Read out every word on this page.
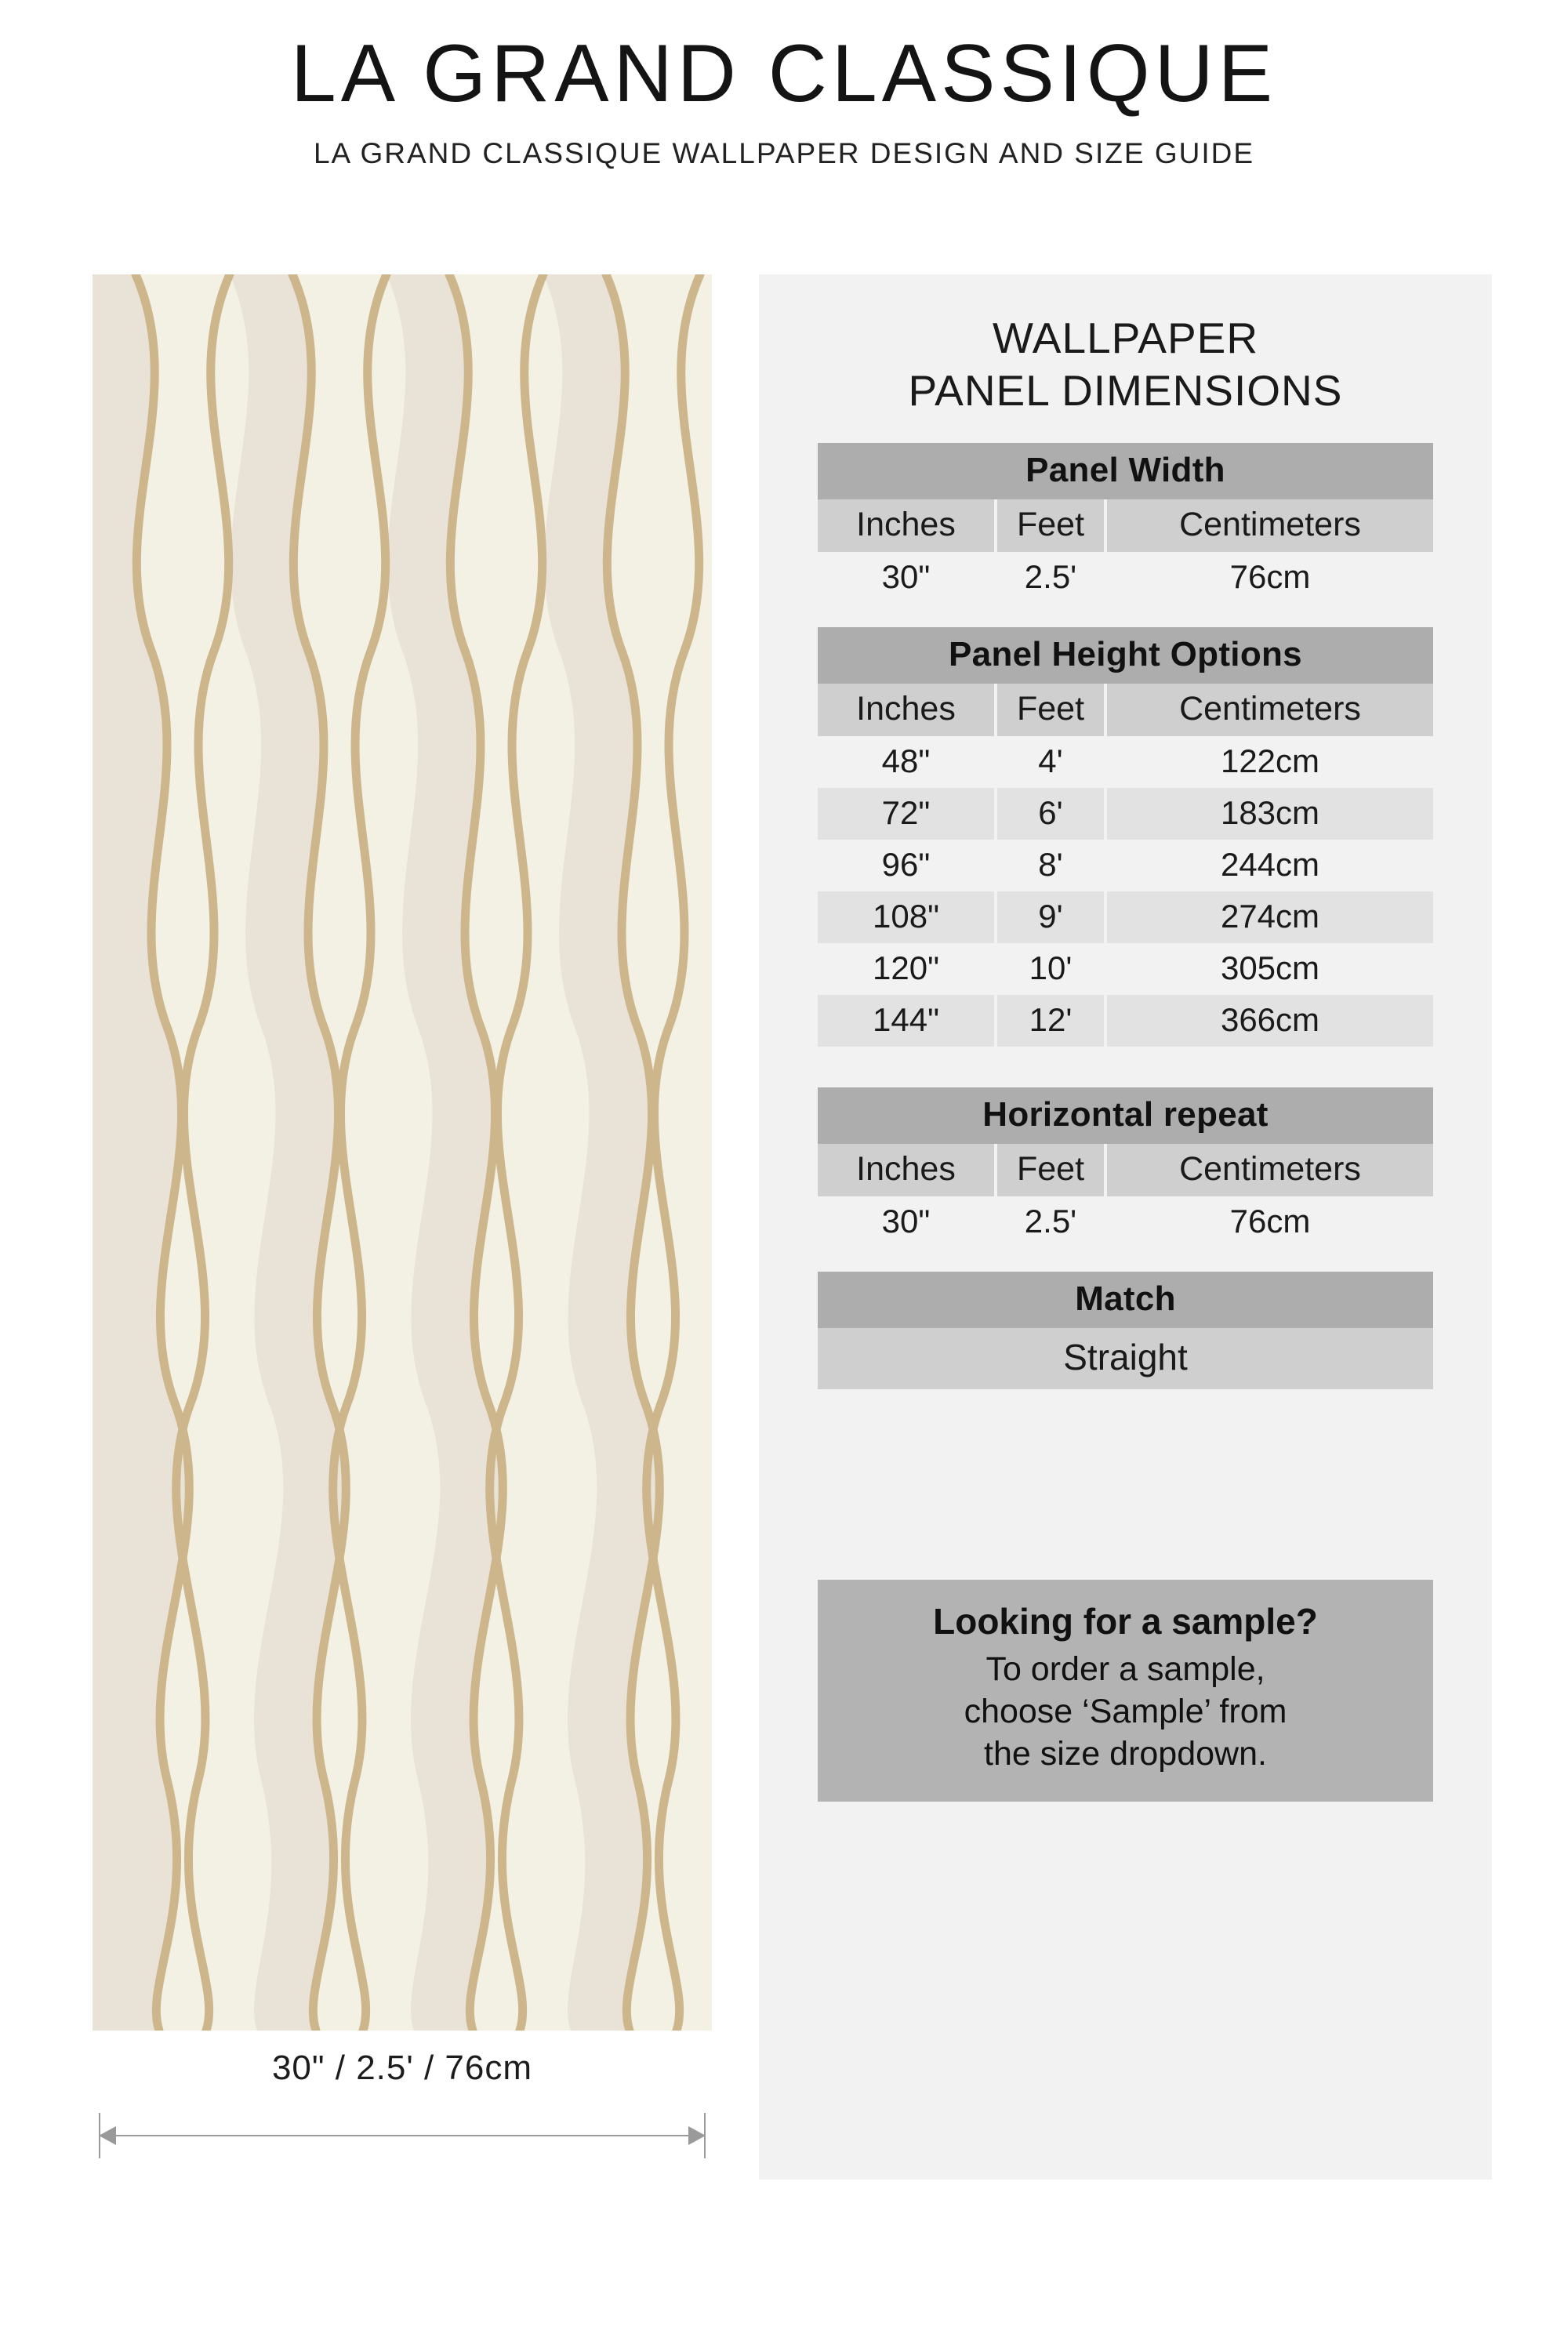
LA GRAND CLASSIQUE
LA GRAND CLASSIQUE WALLPAPER DESIGN AND SIZE GUIDE
30" / 2.5' / 76cm
WALLPAPER
PANEL DIMENSIONS
Panel Width
Inches	Feet	Centimeters
30"	2.5'	76cm
Panel Height Options
Inches	Feet	Centimeters
48"	4'	122cm
72"	6'	183cm
96"	8'	244cm
108"	9'	274cm
120"	10'	305cm
144"	12'	366cm
Horizontal repeat
Inches	Feet	Centimeters
30"	2.5'	76cm
Match
Straight
Looking for a sample?
To order a sample,
choose ‘Sample’ from
the size dropdown.
